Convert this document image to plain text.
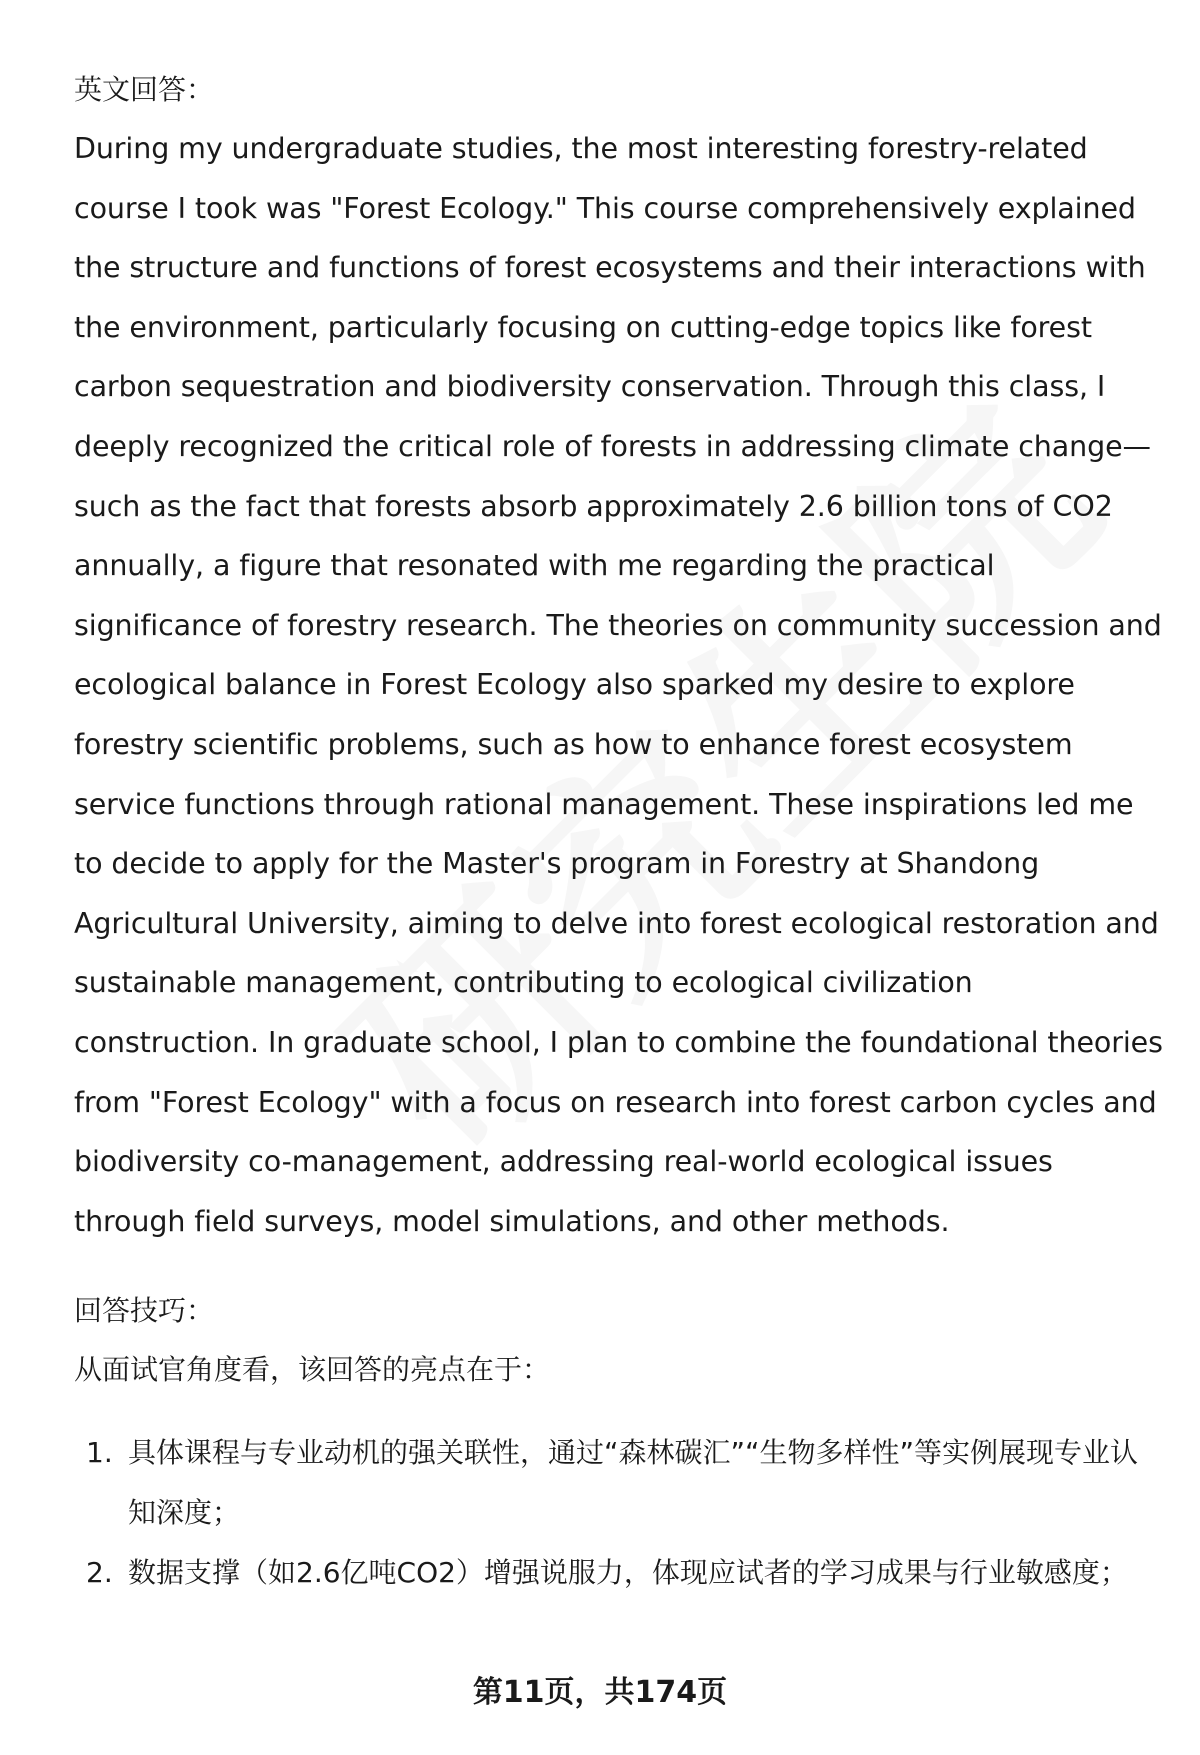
英文回答：

During my undergraduate studies, the most interesting forestry-related course I took was "Forest Ecology." This course comprehensively explained the structure and functions of forest ecosystems and their interactions with the environment, particularly focusing on cutting-edge topics like forest carbon sequestration and biodiversity conservation. Through this class, I deeply recognized the critical role of forests in addressing climate change—such as the fact that forests absorb approximately 2.6 billion tons of CO2 annually, a figure that resonated with me regarding the practical significance of forestry research. The theories on community succession and ecological balance in Forest Ecology also sparked my desire to explore forestry scientific problems, such as how to enhance forest ecosystem service functions through rational management. These inspirations led me to decide to apply for the Master's program in Forestry at Shandong Agricultural University, aiming to delve into forest ecological restoration and sustainable management, contributing to ecological civilization construction. In graduate school, I plan to combine the foundational theories from "Forest Ecology" with a focus on research into forest carbon cycles and biodiversity co-management, addressing real-world ecological issues through field surveys, model simulations, and other methods.

回答技巧：

从面试官角度看，该回答的亮点在于：

1. 具体课程与专业动机的强关联性，通过“森林碳汇”“生物多样性”等实例展现专业认知深度；
2. 数据支撑（如2.6亿吨CO2）增强说服力，体现应试者的学习成果与行业敏感度；
第11页，共174页
